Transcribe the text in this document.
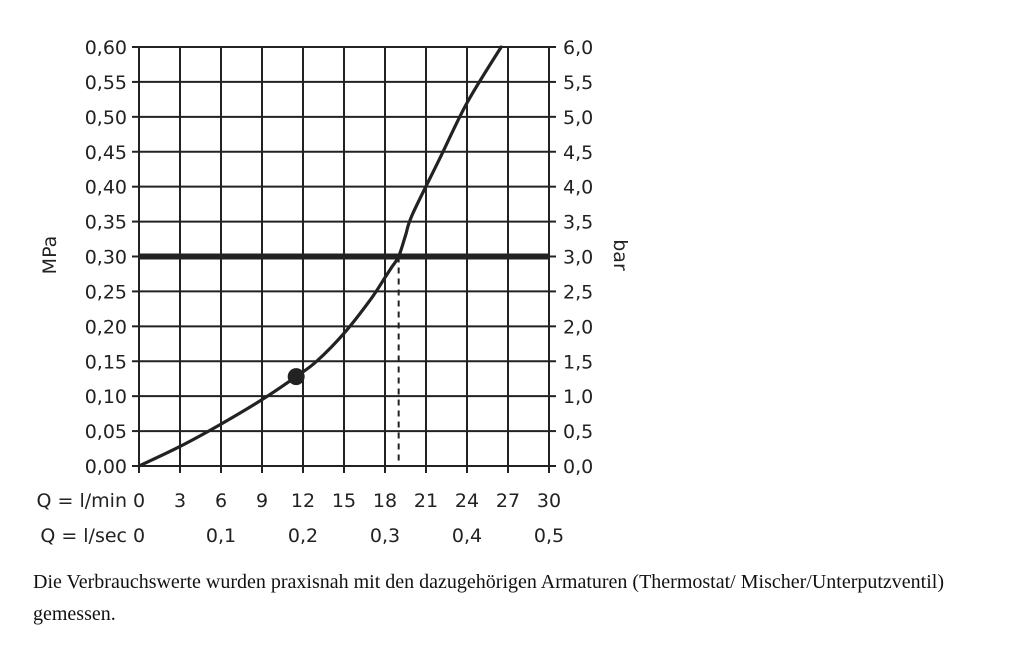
0,00
0,05
0,10
0,15
0,20
0,25
0,30
0,35
0,40
0,45
0,50
0,55
0,60
0,0
0,5
1,0
1,5
2,0
2,5
3,0
3,5
4,0
4,5
5,0
5,5
6,0
Q = l/min 0 3 6 9 12 15 18 21 24 27 30
Q = l/sec 0	0,1	0,2	0,3	0,4	0,5
MPa	bar
Die Verbrauchswerte wurden praxisnah mit den dazugehörigen Armaturen (Thermostat/ Mischer/Unterputzventil) gemessen.
